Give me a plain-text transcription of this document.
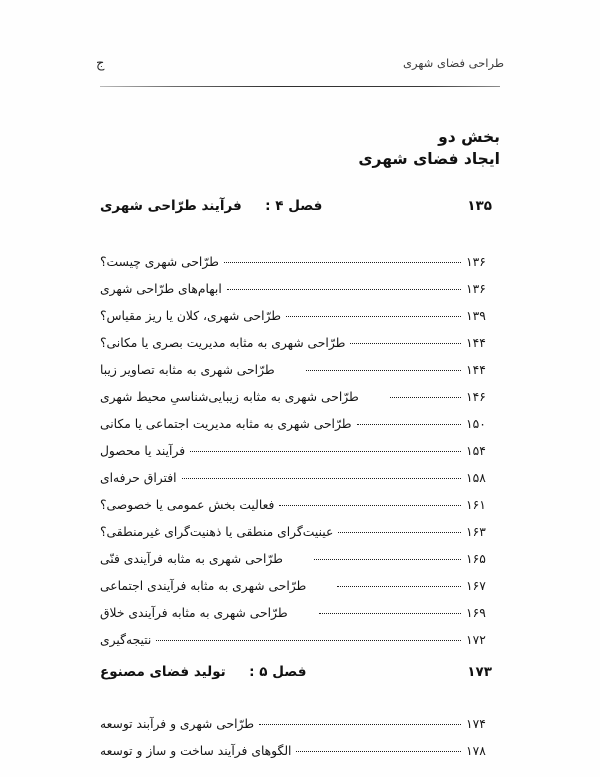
ج	طراحی فضای شهری
بخش دو
ایجاد فضای شهری
فصل ۴ :  فرآیند طرّاحی شهری	۱۳۵
طرّاحی شهری چیست؟	۱۳۶
ابهام‌های طرّاحی شهری	۱۳۶
طرّاحی شهری، کلان یا ریز مقیاس؟	۱۳۹
طرّاحی شهری به مثابه مدیریت بصری یا مکانی؟	۱۴۴
طرّاحی شهری به مثابه تصاویر زیبا	۱۴۴
طرّاحی شهری به مثابه زیبایی‌شناسیِ محیط شهری	۱۴۶
طرّاحی شهری به مثابه مدیریت اجتماعی یا مکانی	۱۵۰
فرآیند یا محصول	۱۵۴
افتراق حرفه‌ای	۱۵۸
فعالیت بخش عمومی یا خصوصی؟	۱۶۱
عینیت‌گرای منطقی یا ذهنیت‌گرای غیرمنطقی؟	۱۶۳
طرّاحی شهری به مثابه فرآیندی فنّی	۱۶۵
طرّاحی شهری به مثابه فرآیندی اجتماعی	۱۶۷
طرّاحی شهری به مثابه فرآیندی خلاق	۱۶۹
نتیجه‌گیری	۱۷۲
فصل ۵ :  تولید فضای مصنوع	۱۷۳
طرّاحی شهری و فرآبند توسعه	۱۷۴
الگوهای فرآیند ساخت و ساز و توسعه	۱۷۸
